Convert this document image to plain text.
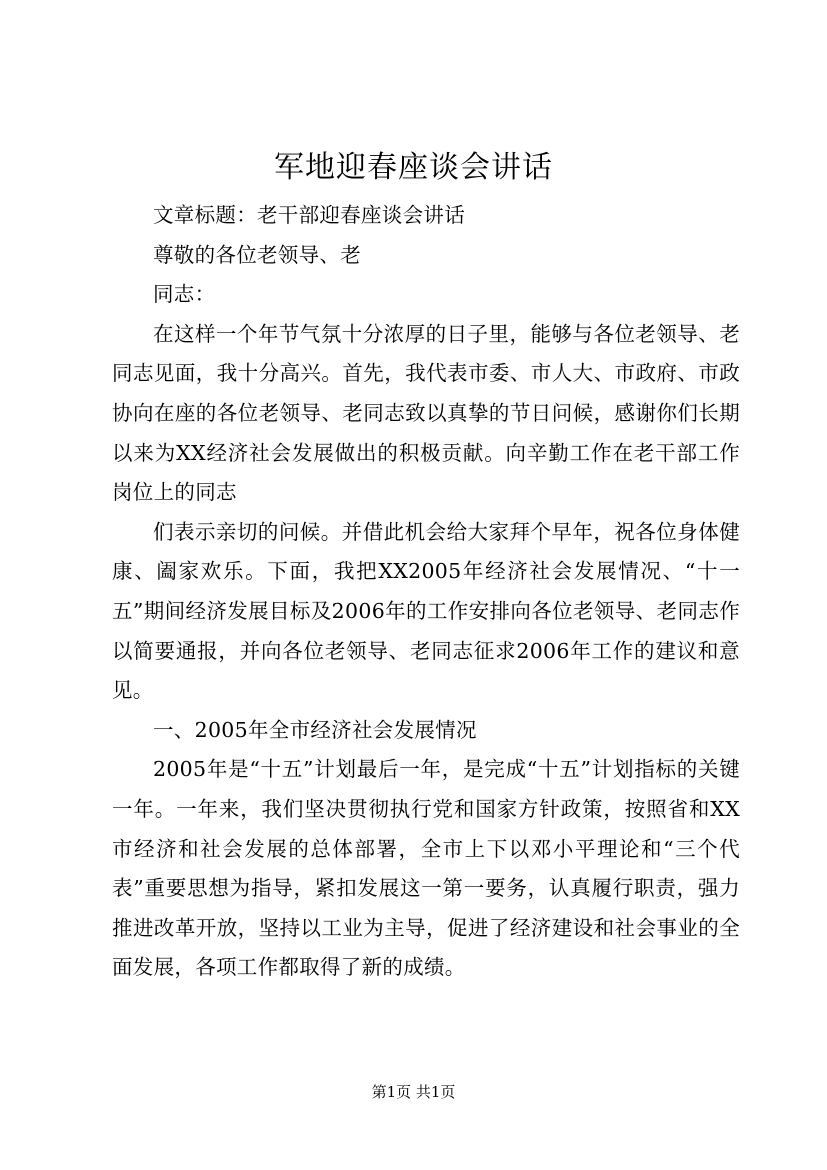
军地迎春座谈会讲话

文章标题：老干部迎春座谈会讲话

尊敬的各位老领导、老

同志：

在这样一个年节气氛十分浓厚的日子里，能够与各位老领导、老同志见面，我十分高兴。首先，我代表市委、市人大、市政府、市政协向在座的各位老领导、老同志致以真挚的节日问候，感谢你们长期以来为XX经济社会发展做出的积极贡献。向辛勤工作在老干部工作岗位上的同志

们表示亲切的问候。并借此机会给大家拜个早年，祝各位身体健康、阖家欢乐。下面，我把XX2005年经济社会发展情况、“十一五”期间经济发展目标及2006年的工作安排向各位老领导、老同志作以简要通报，并向各位老领导、老同志征求2006年工作的建议和意见。

一、2005年全市经济社会发展情况

2005年是“十五”计划最后一年，是完成“十五”计划指标的关键一年。一年来，我们坚决贯彻执行党和国家方针政策，按照省和XX市经济和社会发展的总体部署，全市上下以邓小平理论和“三个代表”重要思想为指导，紧扣发展这一第一要务，认真履行职责，强力推进改革开放，坚持以工业为主导，促进了经济建设和社会事业的全面发展，各项工作都取得了新的成绩。

第1页 共1页
